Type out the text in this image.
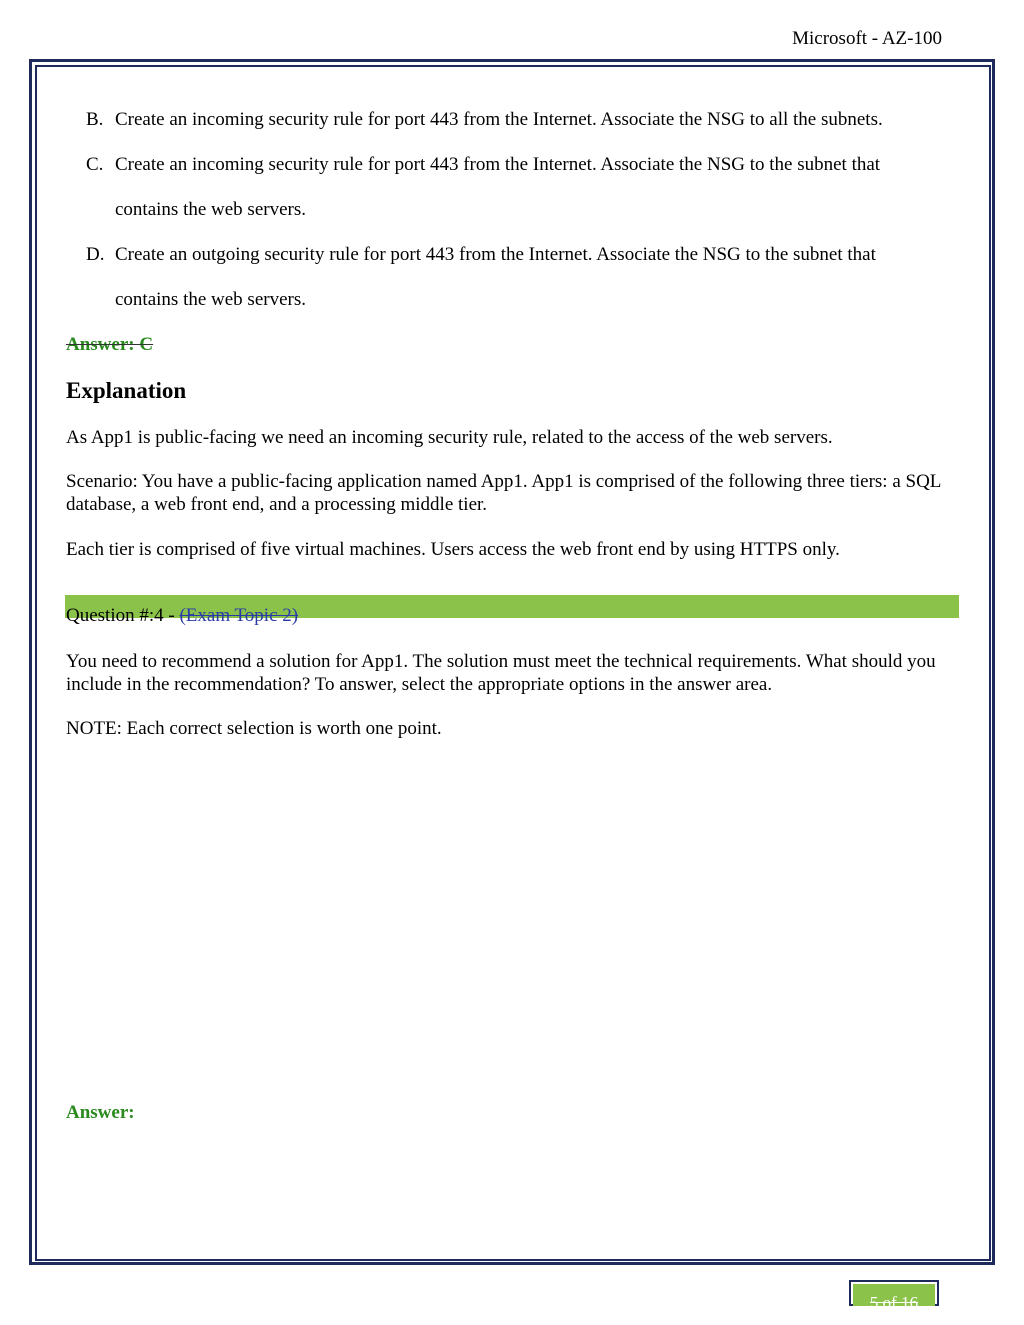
Microsoft - AZ-100
B. Create an incoming security rule for port 443 from the Internet. Associate the NSG to all the subnets.
C. Create an incoming security rule for port 443 from the Internet. Associate the NSG to the subnet that
contains the web servers.
D. Create an outgoing security rule for port 443 from the Internet. Associate the NSG to the subnet that
contains the web servers.
Answer: C
Explanation
As App1 is public-facing we need an incoming security rule, related to the access of the web servers.
Scenario: You have a public-facing application named App1. App1 is comprised of the following three tiers: a SQL database, a web front end, and a processing middle tier.
Each tier is comprised of five virtual machines. Users access the web front end by using HTTPS only.
Question #:4 - (Exam Topic 2)
You need to recommend a solution for App1. The solution must meet the technical requirements. What should you include in the recommendation? To answer, select the appropriate options in the answer area.
NOTE: Each correct selection is worth one point.
Answer:
5 of 16
